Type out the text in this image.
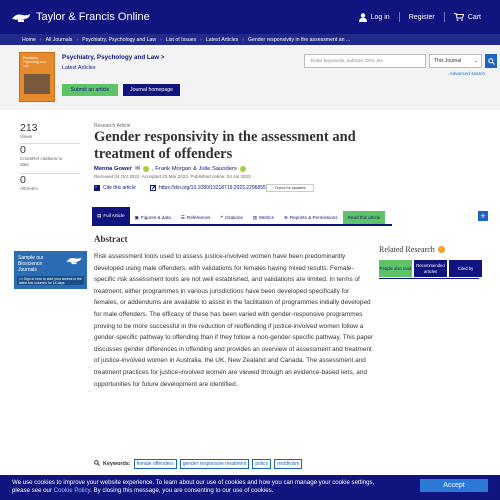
Taylor & Francis Online	Log in	Register	Cart
Home › All Journals › Psychiatry, Psychology and Law › List of Issues › Latest Articles › Gender responsivity in the assessment an ...
Psychiatry, Psychology and Law
Psychiatry, Psychology and Law >
Latest Articles
Submit an article	Journal homepage
Enter keywords, authors, DOI, etc	This Journal	⌄
Advanced search
213
Views
0
CrossRef citations to date
0
Altmetric
Research Article
Gender responsivity in the assessment and treatment of offenders
Menna Gower ✉ , Frank Morgan & Julie Saunders
Received 04 Oct 2022, Accepted 23 Mar 2023, Published online: 04 Jul 2023
” Cite this article	https://doi.org/10.1080/13218719.2023.2206855 Check for updates
▤ Full Article ▣ Figures & data ☰ References ❝ Citations ▥ Metrics ⊕ Reprints & Permissions Read this article	+
Abstract
Risk assessment tools used to assess justice-involved women have been predominantly developed using male offenders, with validations for females having mixed results. Female-specific risk assessment tools are not well established, and validations are limited. In terms of treatment, either programmes in various jurisdictions have been developed specifically for females, or addendums are available to assist in the facilitation of programmes initially developed for male offenders. The efficacy of these has been varied with gender-responsive programmes proving to be more successful in the reduction of reoffending if justice-involved women follow a gender-specific pathway to offending than if they follow a non-gender-specific pathway. This paper discusses gender differences in offending and provides an overview of assessment and treatment of justice-involved women in Australia, the UK, New Zealand and Canada. The assessment and treatment practices for justice-involved women are viewed through an evidence-based lens, and opportunities for future development are identified.
Keywords:	female offenders	gender responsive treatment	policy	recidivism
Sample our Bioscience Journals
>> Sign in here to start your access to the latest two volumes for 14 days
Related Research	i
People also read
Recommended articles
Cited by
We use cookies to improve your website experience. To learn about our use of cookies and how you can manage your cookie settings,
please see our Cookie Policy. By closing this message, you are consenting to our use of cookies.
Accept
